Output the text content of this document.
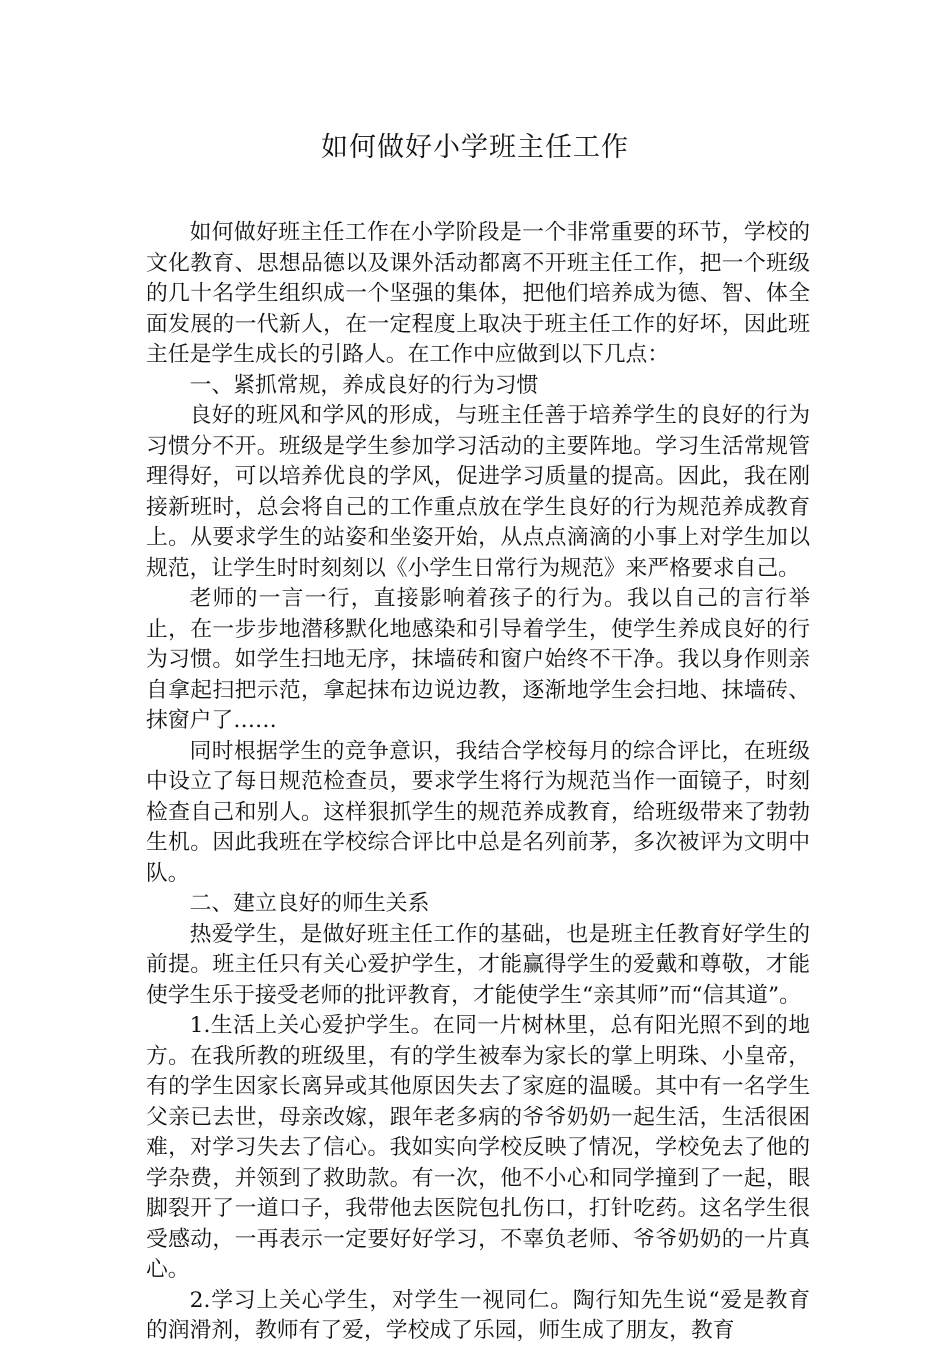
如何做好小学班主任工作

如何做好班主任工作在小学阶段是一个非常重要的环节，学校的文化教育、思想品德以及课外活动都离不开班主任工作，把一个班级的几十名学生组织成一个坚强的集体，把他们培养成为德、智、体全面发展的一代新人，在一定程度上取决于班主任工作的好坏，因此班主任是学生成长的引路人。在工作中应做到以下几点：

一、紧抓常规，养成良好的行为习惯

良好的班风和学风的形成，与班主任善于培养学生的良好的行为习惯分不开。班级是学生参加学习活动的主要阵地。学习生活常规管理得好，可以培养优良的学风，促进学习质量的提高。因此，我在刚接新班时，总会将自己的工作重点放在学生良好的行为规范养成教育上。从要求学生的站姿和坐姿开始，从点点滴滴的小事上对学生加以规范，让学生时时刻刻以《小学生日常行为规范》来严格要求自己。

老师的一言一行，直接影响着孩子的行为。我以自己的言行举止，在一步步地潜移默化地感染和引导着学生，使学生养成良好的行为习惯。如学生扫地无序，抹墙砖和窗户始终不干净。我以身作则亲自拿起扫把示范，拿起抹布边说边教，逐渐地学生会扫地、抹墙砖、抹窗户了……

同时根据学生的竞争意识，我结合学校每月的综合评比，在班级中设立了每日规范检查员，要求学生将行为规范当作一面镜子，时刻检查自己和别人。这样狠抓学生的规范养成教育，给班级带来了勃勃生机。因此我班在学校综合评比中总是名列前茅，多次被评为文明中队。

二、建立良好的师生关系

热爱学生，是做好班主任工作的基础，也是班主任教育好学生的前提。班主任只有关心爱护学生，才能赢得学生的爱戴和尊敬，才能使学生乐于接受老师的批评教育，才能使学生“亲其师”而“信其道”。

1.生活上关心爱护学生。在同一片树林里，总有阳光照不到的地方。在我所教的班级里，有的学生被奉为家长的掌上明珠、小皇帝，有的学生因家长离异或其他原因失去了家庭的温暖。其中有一名学生父亲已去世，母亲改嫁，跟年老多病的爷爷奶奶一起生活，生活很困难，对学习失去了信心。我如实向学校反映了情况，学校免去了他的学杂费，并领到了救助款。有一次，他不小心和同学撞到了一起，眼脚裂开了一道口子，我带他去医院包扎伤口，打针吃药。这名学生很受感动，一再表示一定要好好学习，不辜负老师、爷爷奶奶的一片真心。

2.学习上关心学生，对学生一视同仁。陶行知先生说“爱是教育的润滑剂，教师有了爱，学校成了乐园，师生成了朋友，教育
